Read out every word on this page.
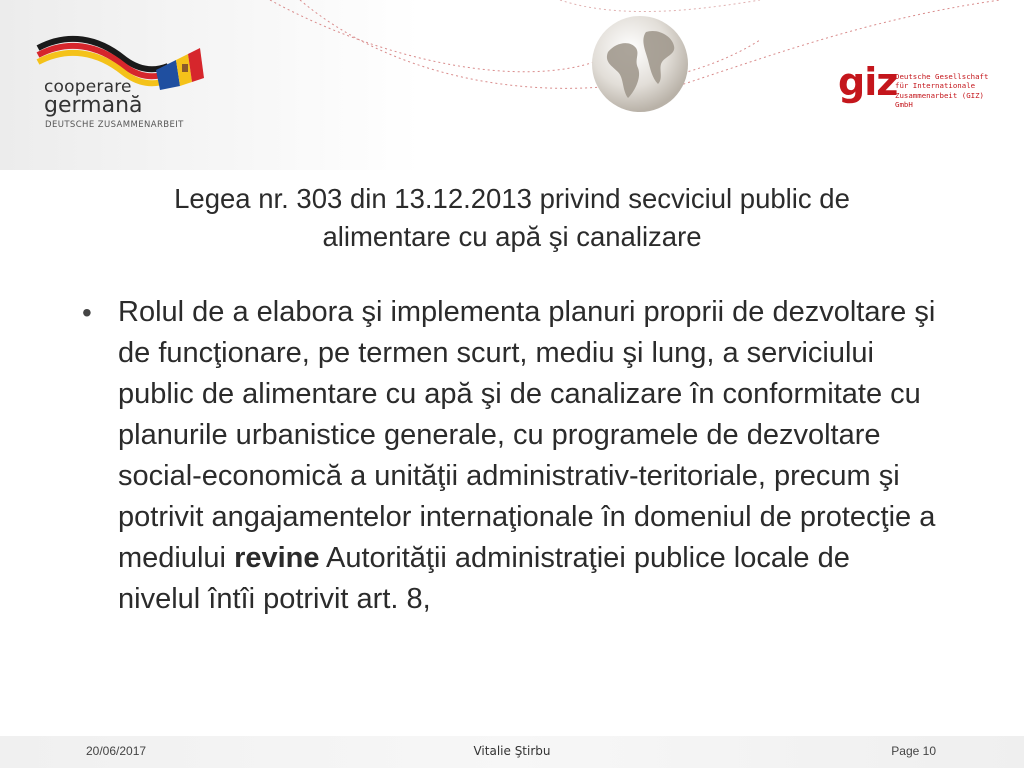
cooperare
germană
DEUTSCHE ZUSAMMENARBEIT
giz
Deutsche Gesellschaft
für Internationale
Zusammenarbeit (GIZ) GmbH
Legea nr. 303 din 13.12.2013 privind secviciul public de
alimentare cu apă şi canalizare
• Rolul de a elabora şi implementa planuri proprii de dezvoltare şi de funcţionare, pe termen scurt, mediu şi lung, a serviciului public de alimentare cu apă şi de canalizare în conformitate cu planurile urbanistice generale, cu programele de dezvoltare social-economică a unităţii administrativ-teritoriale, precum şi potrivit angajamentelor internaţionale în domeniul de protecţie a mediului revine Autorităţii administraţiei publice locale de nivelul întîi potrivit art. 8,
20/06/2017	Vitalie Ştirbu	Page 10
